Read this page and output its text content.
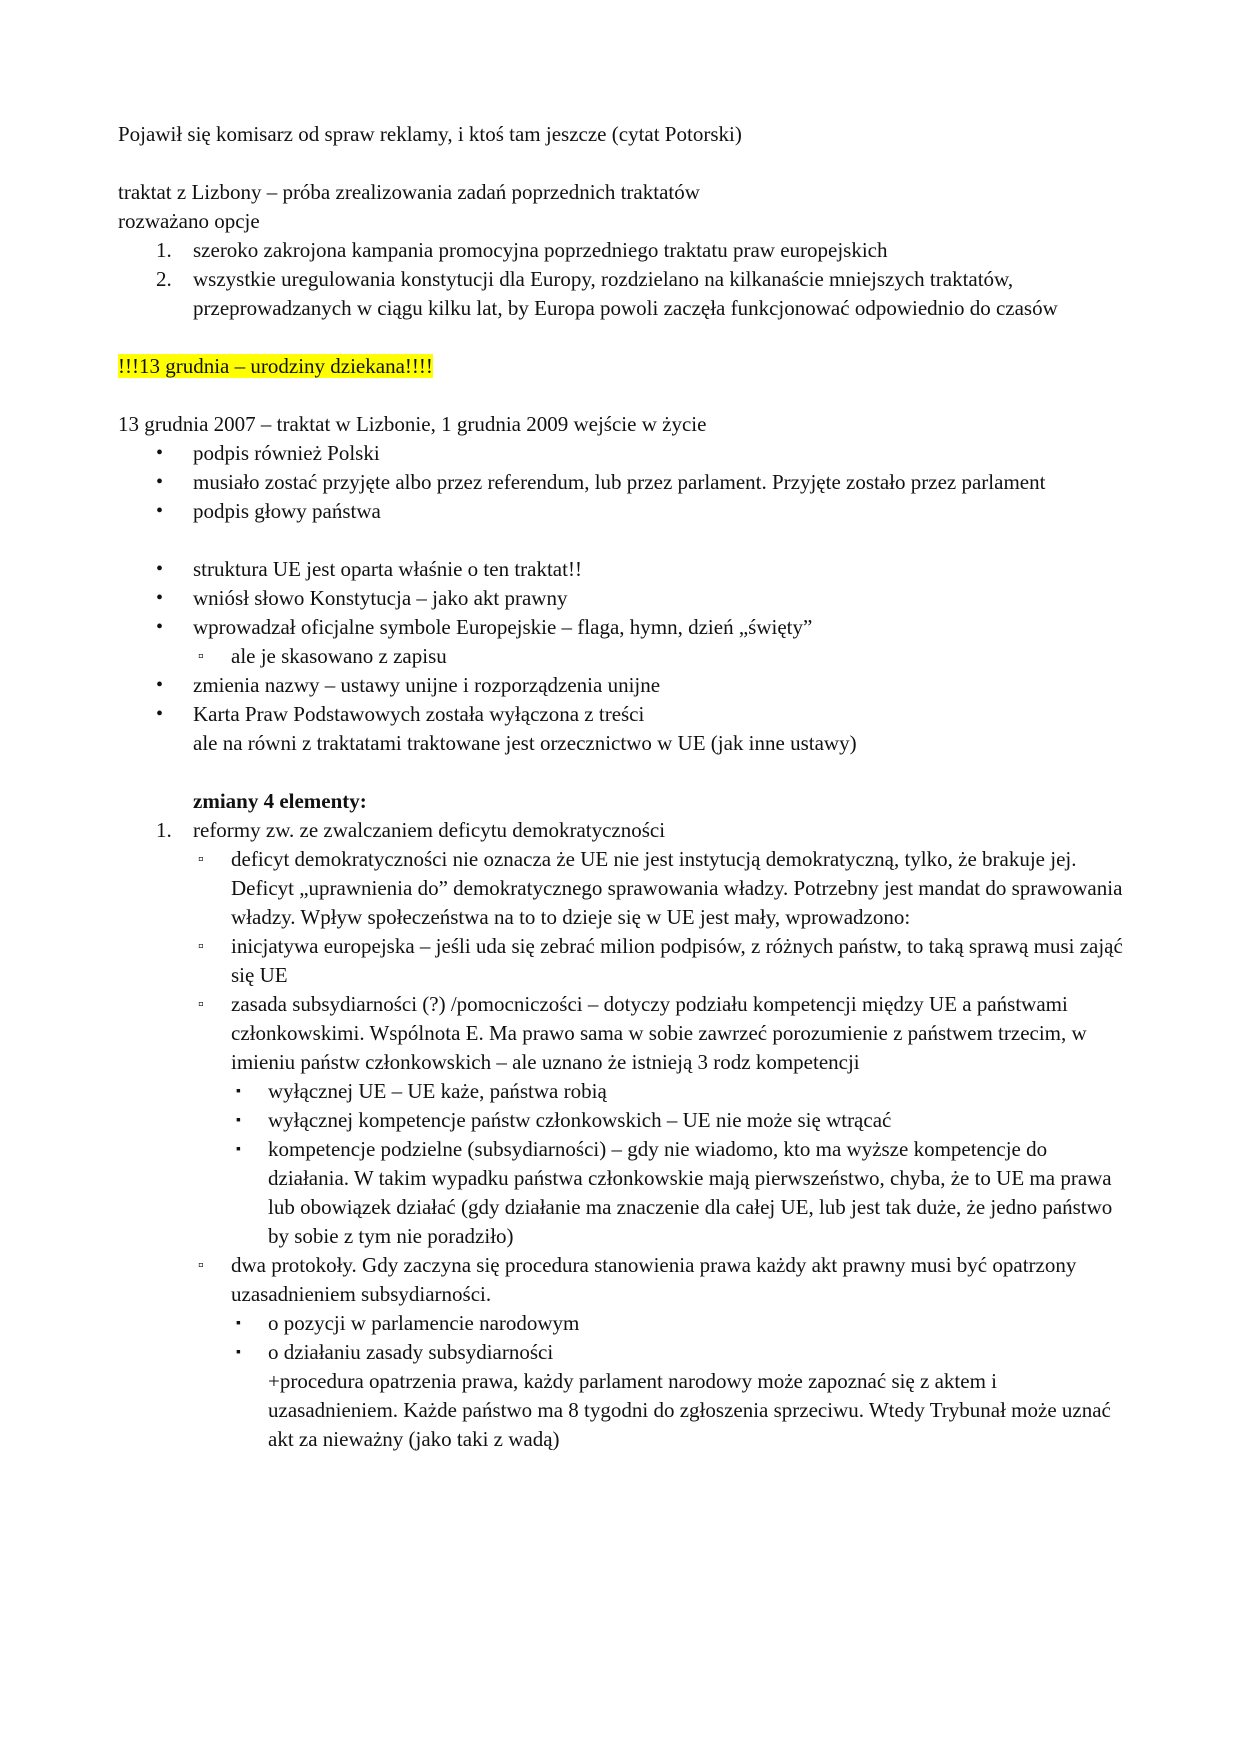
Pojawił się komisarz od spraw reklamy, i ktoś tam jeszcze (cytat Potorski)

traktat z Lizbony – próba zrealizowania zadań poprzednich traktatów

rozważano opcje

1. szeroko zakrojona kampania promocyjna poprzedniego traktatu praw europejskich
2. wszystkie uregulowania konstytucji dla Europy, rozdzielano na kilkanaście mniejszych traktatów, przeprowadzanych w ciągu kilku lat, by Europa powoli zaczęła funkcjonować odpowiednio do czasów

!!!13 grudnia – urodziny dziekana!!!!

13 grudnia 2007 – traktat w Lizbonie, 1 grudnia 2009 wejście w życie

• podpis również Polski
• musiało zostać przyjęte albo przez referendum, lub przez parlament. Przyjęte zostało przez parlament
• podpis głowy państwa
• struktura UE jest oparta właśnie o ten traktat!!
• wniósł słowo Konstytucja – jako akt prawny
• wprowadzał oficjalne symbole Europejskie – flaga, hymn, dzień „święty”
▫ ale je skasowano z zapisu
• zmienia nazwy – ustawy unijne i rozporządzenia unijne
• Karta Praw Podstawowych została wyłączona z treści

ale na równi z traktatami traktowane jest orzecznictwo w UE (jak inne ustawy)

zmiany 4 elementy:

1. reformy zw. ze zwalczaniem deficytu demokratyczności
▫ deficyt demokratyczności nie oznacza że UE nie jest instytucją demokratyczną, tylko, że brakuje jej. Deficyt „uprawnienia do” demokratycznego sprawowania władzy. Potrzebny jest mandat do sprawowania władzy. Wpływ społeczeństwa na to to dzieje się w UE jest mały, wprowadzono:
▫ inicjatywa europejska – jeśli uda się zebrać milion podpisów, z różnych państw, to taką sprawą musi zająć się UE
▫ zasada subsydiarności (?) /pomocniczości – dotyczy podziału kompetencji między UE a państwami członkowskimi. Wspólnota E. Ma prawo sama w sobie zawrzeć porozumienie z państwem trzecim, w imieniu państw członkowskich – ale uznano że istnieją 3 rodz kompetencji
▪ wyłącznej UE – UE każe, państwa robią
▪ wyłącznej kompetencje państw członkowskich – UE nie może się wtrącać
▪ kompetencje podzielne (subsydiarności) – gdy nie wiadomo, kto ma wyższe kompetencje do działania. W takim wypadku państwa członkowskie mają pierwszeństwo, chyba, że to UE ma prawa lub obowiązek działać (gdy działanie ma znaczenie dla całej UE, lub jest tak duże, że jedno państwo by sobie z tym nie poradziło)
▫ dwa protokoły. Gdy zaczyna się procedura stanowienia prawa każdy akt prawny musi być opatrzony uzasadnieniem subsydiarności.
▪ o pozycji w parlamencie narodowym
▪ o działaniu zasady subsydiarności

+procedura opatrzenia prawa, każdy parlament narodowy może zapoznać się z aktem i uzasadnieniem. Każde państwo ma 8 tygodni do zgłoszenia sprzeciwu. Wtedy Trybunał może uznać akt za nieważny (jako taki z wadą)
